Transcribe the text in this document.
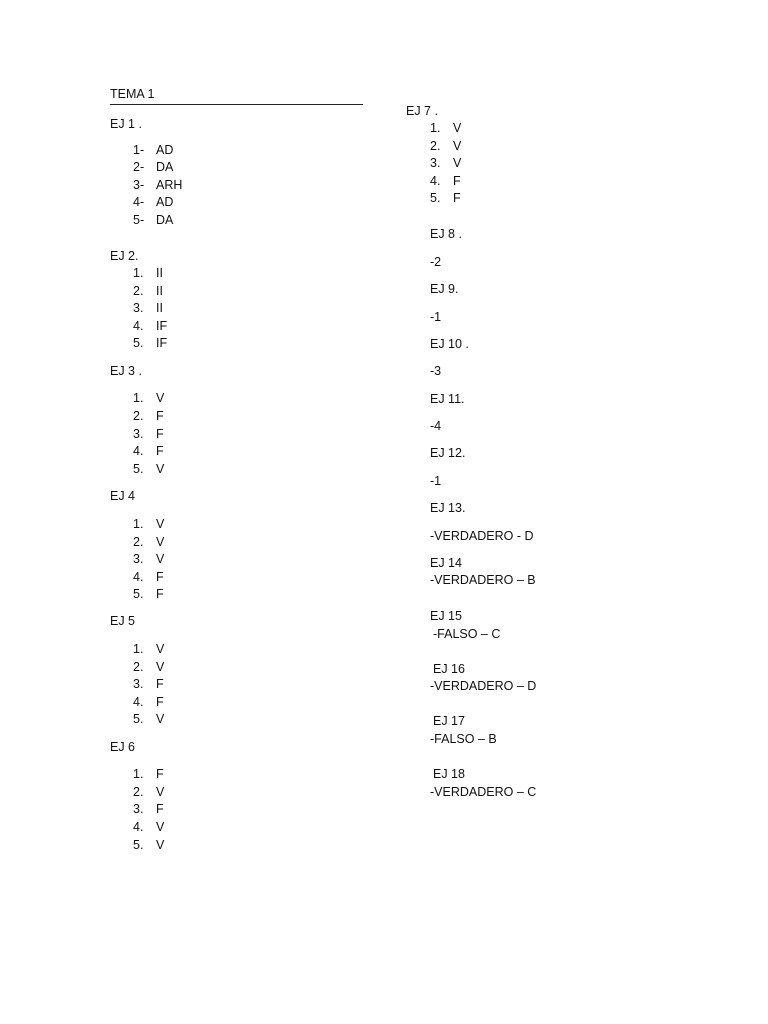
TEMA 1
EJ 1 .
1- AD
2- DA
3- ARH
4- AD
5- DA
EJ 2.
1. II
2. II
3. II
4. IF
5. IF
EJ 3 .
1. V
2. F
3. F
4. F
5. V
EJ 4
1. V
2. V
3. V
4. F
5. F
EJ 5
1. V
2. V
3. F
4. F
5. V
EJ 6
1. F
2. V
3. F
4. V
5. V
EJ 7 .
1. V
2. V
3. V
4. F
5. F
EJ 8 .
-2
EJ 9.
-1
EJ 10 .
-3
EJ 11.
-4
EJ 12.
-1
EJ 13.
-VERDADERO - D
EJ 14
-VERDADERO – B
EJ 15
-FALSO – C
EJ 16
-VERDADERO – D
EJ 17
-FALSO – B
EJ 18
-VERDADERO – C
